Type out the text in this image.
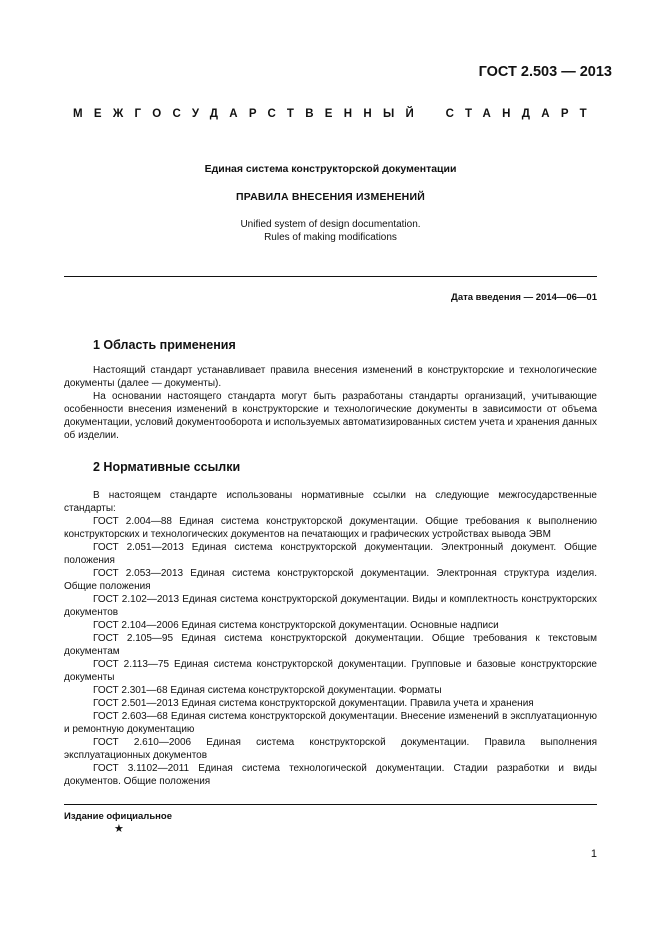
ГОСТ 2.503 — 2013
МЕЖГОСУДАРСТВЕННЫЙ СТАНДАРТ
Единая система конструкторской документации
ПРАВИЛА ВНЕСЕНИЯ ИЗМЕНЕНИЙ
Unified system of design documentation.
Rules of making modifications
Дата введения — 2014—06—01
1 Область применения

Настоящий стандарт устанавливает правила внесения изменений в конструкторские и технологические документы (далее — документы).

На основании настоящего стандарта могут быть разработаны стандарты организаций, учитывающие особенности внесения изменений в конструкторские и технологические документы в зависимости от объема документации, условий документооборота и используемых автоматизированных систем учета и хранения данных об изделии.

2 Нормативные ссылки

В настоящем стандарте использованы нормативные ссылки на следующие межгосударственные стандарты:

ГОСТ 2.004—88 Единая система конструкторской документации. Общие требования к выполнению конструкторских и технологических документов на печатающих и графических устройствах вывода ЭВМ

ГОСТ 2.051—2013 Единая система конструкторской документации. Электронный документ. Общие положения

ГОСТ 2.053—2013 Единая система конструкторской документации. Электронная структура изделия. Общие положения

ГОСТ 2.102—2013 Единая система конструкторской документации. Виды и комплектность конструкторских документов

ГОСТ 2.104—2006 Единая система конструкторской документации. Основные надписи

ГОСТ 2.105—95 Единая система конструкторской документации. Общие требования к текстовым документам

ГОСТ 2.113—75 Единая система конструкторской документации. Групповые и базовые конструкторские документы

ГОСТ 2.301—68 Единая система конструкторской документации. Форматы

ГОСТ 2.501—2013 Единая система конструкторской документации. Правила учета и хранения

ГОСТ 2.603—68 Единая система конструкторской документации. Внесение изменений в эксплуатационную и ремонтную документацию

ГОСТ 2.610—2006 Единая система конструкторской документации. Правила выполнения эксплуатационных документов

ГОСТ 3.1102—2011 Единая система технологической документации. Стадии разработки и виды документов. Общие положения

Издание официальное
★
1
